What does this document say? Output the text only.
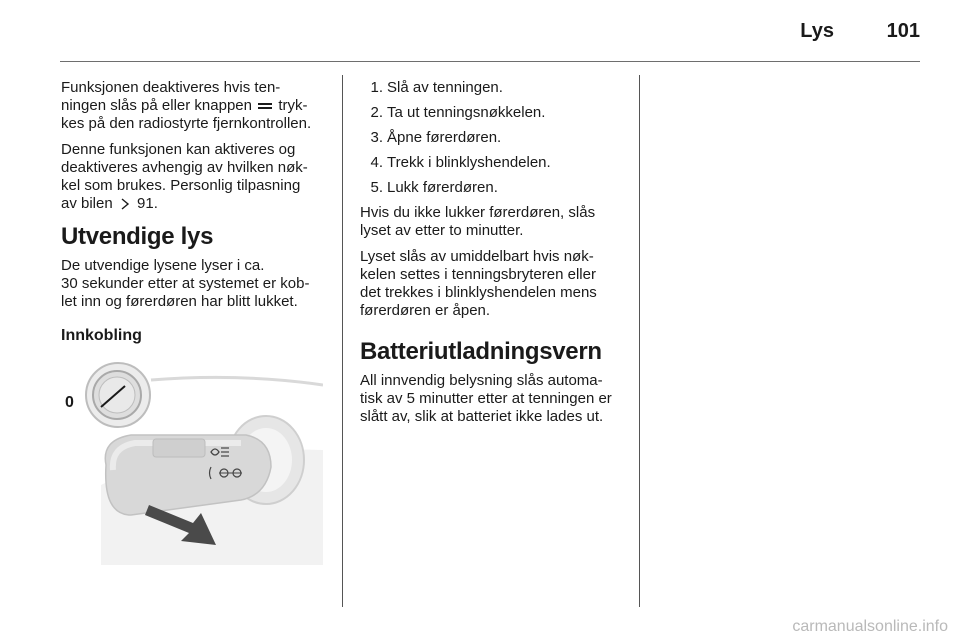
Lys	101

Funksjonen deaktiveres hvis ten-
ningen slås på eller knappen tryk-
kes på den radiostyrte fjernkontrollen.

Denne funksjonen kan aktiveres og
deaktiveres avhengig av hvilken nøk-
kel som brukes. Personlig tilpasning
av bilen 91.

Utvendige lys

De utvendige lysene lyser i ca.
30 sekunder etter at systemet er kob-
let inn og førerdøren har blitt lukket.

Innkobling
0
1. Slå av tenningen.
2. Ta ut tenningsnøkkelen.
3. Åpne førerdøren.
4. Trekk i blinklyshendelen.
5. Lukk førerdøren.

Hvis du ikke lukker førerdøren, slås
lyset av etter to minutter.

Lyset slås av umiddelbart hvis nøk-
kelen settes i tenningsbryteren eller
det trekkes i blinklyshendelen mens
førerdøren er åpen.

Batteriutladningsvern

All innvendig belysning slås automa-
tisk av 5 minutter etter at tenningen er
slått av, slik at batteriet ikke lades ut.

carmanualsonline.info
